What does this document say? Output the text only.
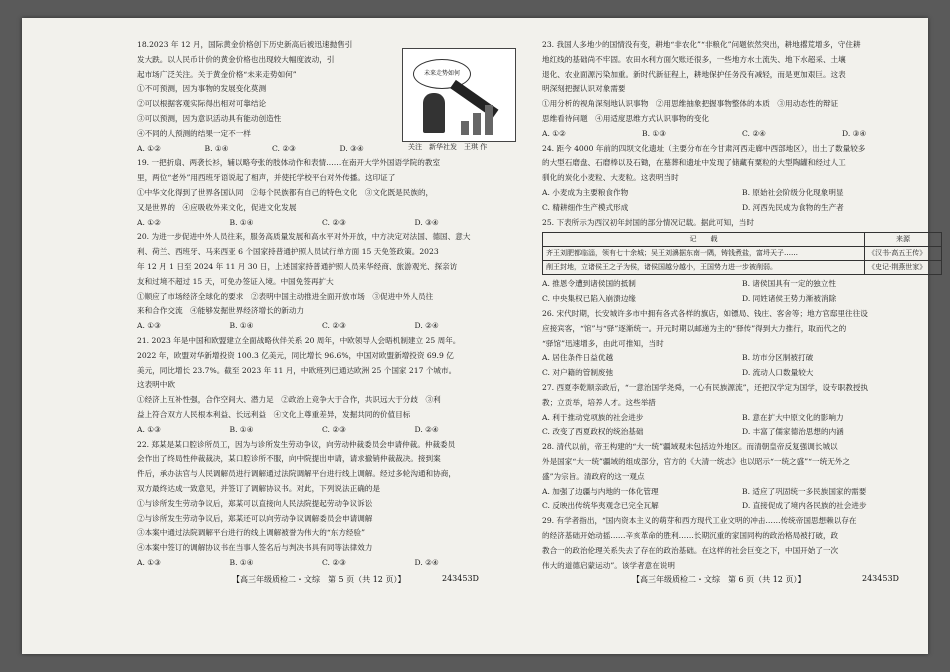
18.2023 年 12 月，国际黄金价格创下历史新高后被迅速抛售引
发大跌。以人民币计价的黄金价格也出现较大幅度波动，引
起市场广泛关注。关于黄金价格“未来走势如何”
①不可预测，因为事物的发展变化莫测
②可以根据客观实际得出相对可靠结论
③可以预测，因为意识活动具有能动创造性
④不同的人预测的结果一定不一样
A. ①②	B. ①④	C. ②③	D. ③④
19. 一把折扇、两袭长衫，辅以略夸张的肢体动作和表情……在南开大学外国语学院的教室
里，两位“老外”用西班牙语说起了相声，并使托学校平台对外传播。这印证了
①中华文化得到了世界各国认同　②每个民族都有自己的特色文化　③文化既是民族的，
又是世界的　④应吸收外来文化，促进文化发展
A. ①②	B. ①④	C. ②③	D. ③④
20. 为进一步促进中外人员往来，服务高质量发展和高水平对外开放，中方决定对法国、德国、意大
利、荷兰、西班牙、马来西亚 6 个国家持普通护照人员试行单方面 15 天免签政策。2023
年 12 月 1 日至 2024 年 11 月 30 日，上述国家持普通护照人员来华经商、旅游观光、探亲访
友和过境不超过 15 天，可免办签证入境。中国免签再扩大
①顺应了市场经济全球化的要求　②表明中国主动推进全面开放市场　③促进中外人员往
来和合作交流　④能够发掘世界经济增长的新动力
A. ①③	B. ①④	C. ②③	D. ②④
21. 2023 年是中国和欧盟建立全面战略伙伴关系 20 周年，中欧领导人会晤机制建立 25 周年。
2022 年，欧盟对华新增投资 100.3 亿美元，同比增长 96.6%，中国对欧盟新增投资 69.9 亿
美元，同比增长 23.7%。截至 2023 年 11 月，中欧班列已通达欧洲 25 个国家 217 个城市。
这表明中欧
①经济上互补性强，合作空间大、潜力足　②政治上竞争大于合作，共识远大于分歧　③利
益上符合双方人民根本利益、长远利益　④文化上尊重差异，发掘共同的价值目标
A. ①③	B. ①④	C. ②③	D. ②④
22. 郑某是某口腔诊所员工，因为与诊所发生劳动争议，向劳动仲裁委员会申请仲裁。仲裁委员
会作出了终局性仲裁裁决，某口腔诊所不服，向中院提出申请，请求撤销仲裁裁决。接到案
件后，承办法官与人民调解员进行调解通过法院调解平台进行线上调解。经过多轮沟通和协商，
双方最终达成一致意见，并签订了调解协议书。对此，下列说法正确的是
①与诊所发生劳动争议后，郑某可以直接向人民法院提起劳动争议诉讼
②与诊所发生劳动争议后，郑某还可以向劳动争议调解委员会申请调解
③本案中通过法院调解平台进行的线上调解被誉为伟大的“东方经验”
④本案中签订的调解协议书在当事人签名后与判决书具有同等法律效力
A. ①③	B. ①④	C. ②③	D. ②④
未来走势如何
关注　新华社发　王琪 作
23. 我国人多地少的国情没有变，耕地“非农化”“非粮化”问题依然突出，耕地撂荒增多，守住耕
地红线的基础尚不牢固。农田水利方面欠账还很多，一些地方水土流失、地下水超采、土壤
退化、农业面源污染加重。新时代新征程上，耕地保护任务没有减轻，而是更加艰巨。这表
明深刻把握认识对象需要
①用分析的视角深刻地认识事物　②用思维抽象把握事物整体的本质　③用动态性的辩证
思维看待问题　④用适度思维方式认识事物的变化
A. ①②	B. ①③	C. ②④	D. ③④
24. 距今 4000 年前的四坝文化遗址（主要分布在今甘肃河西走廊中西部地区），出土了数量较多
的大型石磨盘、石磨棒以及石锄，在墓葬和遗址中发现了储藏有粟粒的大型陶罐和经过人工
驯化的炭化小麦粒、大麦粒。这表明当时
A. 小麦成为主要粮食作物	B. 原始社会阶级分化现象明显
C. 精耕细作生产模式形成	D. 河西先民成为食物的生产者
25. 下表所示为西汉初年封国的部分情况记载。据此可知，当时
记　　载	来源
齐王刘肥都临淄，领有七十余城；吴王刘濞据东南一隅，铸钱煮盐，富埒天子……	《汉书·高五王传》
削王封地，立诸侯王之子为侯，诸侯国越分越小，王国势力进一步被削弱。	《史记·荆燕世家》
A. 推恩令遭到诸侯国的抵制	B. 诸侯国具有一定的独立性
C. 中央集权已陷入崩溃边缘	D. 同姓诸侯王势力渐被消除
26. 宋代时期，长安城许多市中拥有各式各样的旗店，如镖局、钱庄、客舍等；地方官邸里往往设
应接宾客，“馆”与“驿”逐渐统一。开元时期以邮递为主的“驿传”得到大力推行，取而代之的
“驿馆”迅速增多，由此可推知，当时
A. 居住条件日益优越	B. 坊市分区制被打破
C. 对户籍的管制废弛	D. 流动人口数量较大
27. 西夏李乾顺亲政后，“一意治国学尧舜，一心有民族源流”，还把汉学定为国学，设专职教授执
教；立贡举，培养人才。这些举措
A. 利于推动党项族的社会进步	B. 意在扩大中原文化的影响力
C. 改变了西夏政权的统治基础	D. 丰富了儒家德治思想的内涵
28. 清代以前，帝王构建的“大一统”疆域观未包括边外地区。而清朝皇帝反复强调长城以
外是国家“大一统”疆域的组成部分，官方的《大清一统志》也以昭示“一统之盛”“一统无外之
盛”为宗旨。清政府的这一观点
A. 加强了边疆与内地的一体化管理	B. 适应了巩固统一多民族国家的需要
C. 反映出传统华夷观念已完全瓦解	D. 直接促成了境内各民族的社会进步
29. 有学者指出，“国内资本主义的萌芽和西方现代工业文明的冲击……传统帝国思想赖以存在
的经济基础开始动摇……辛亥革命的胜利……长期沉重的家国同构的政治格局被打破，政
教合一的政治伦理关系失去了存在的政治基础。在这样的社会巨变之下，中国开始了一次
伟大的道德启蒙运动”。该学者意在说明
【高三年级质检二・文综　第 5 页（共 12 页）】	243453D	【高三年级质检二・文综　第 6 页（共 12 页）】	243453D
